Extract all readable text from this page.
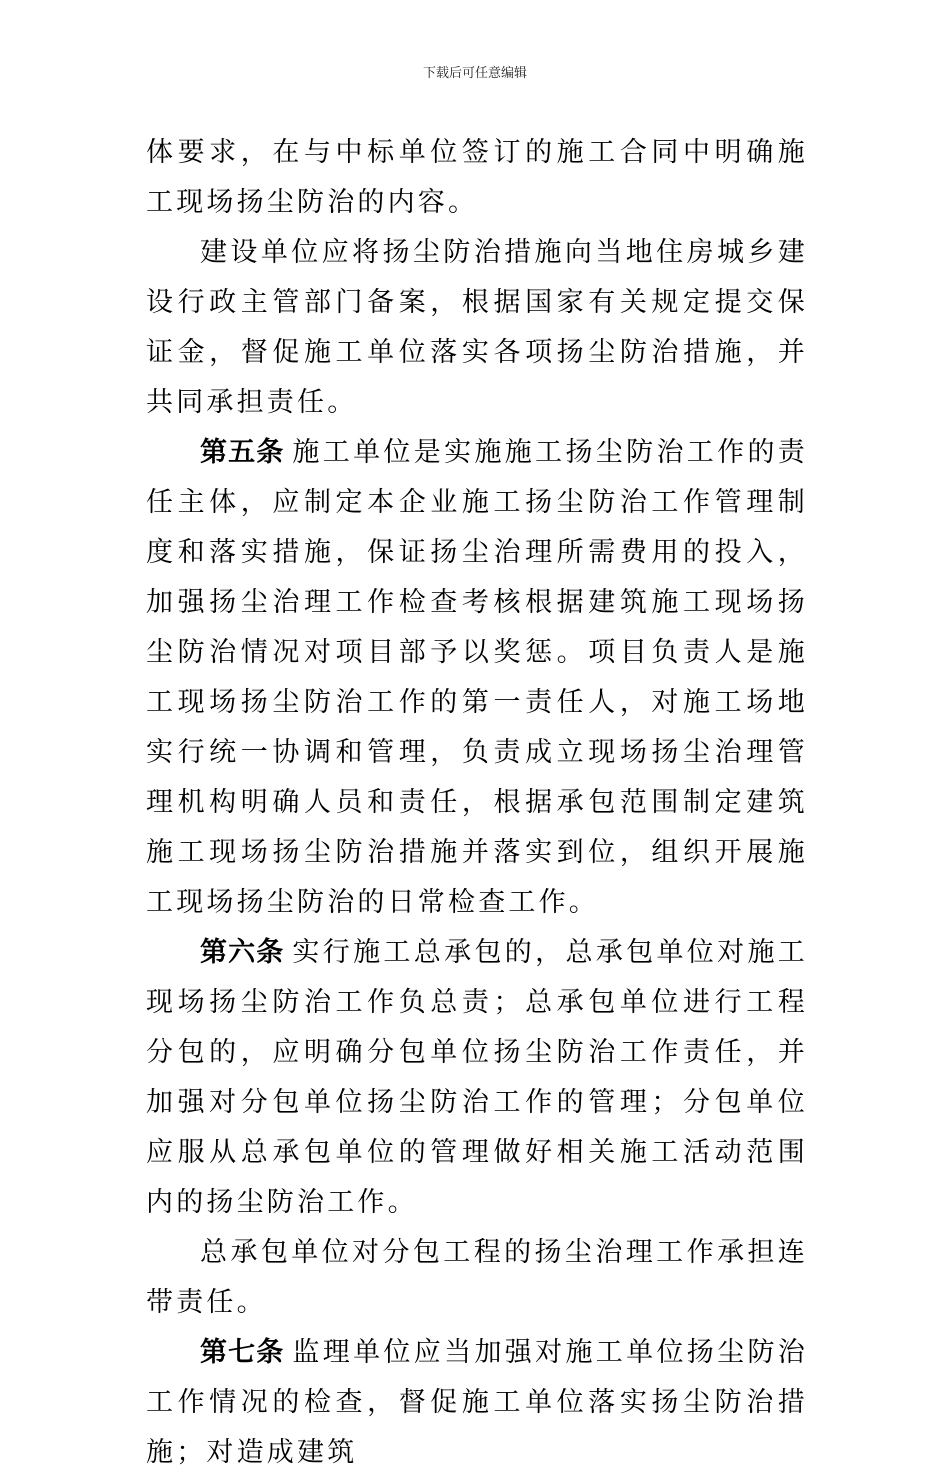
下载后可任意编辑

体要求，在与中标单位签订的施工合同中明确施工现场扬尘防治的内容。

建设单位应将扬尘防治措施向当地住房城乡建设行政主管部门备案，根据国家有关规定提交保证金，督促施工单位落实各项扬尘防治措施，并共同承担责任。

第五条 施工单位是实施施工扬尘防治工作的责任主体，应制定本企业施工扬尘防治工作管理制度和落实措施，保证扬尘治理所需费用的投入，加强扬尘治理工作检查考核根据建筑施工现场扬尘防治情况对项目部予以奖惩。项目负责人是施工现场扬尘防治工作的第一责任人，对施工场地实行统一协调和管理，负责成立现场扬尘治理管理机构明确人员和责任，根据承包范围制定建筑施工现场扬尘防治措施并落实到位，组织开展施工现场扬尘防治的日常检查工作。

第六条 实行施工总承包的，总承包单位对施工现场扬尘防治工作负总责；总承包单位进行工程分包的，应明确分包单位扬尘防治工作责任，并加强对分包单位扬尘防治工作的管理；分包单位应服从总承包单位的管理做好相关施工活动范围内的扬尘防治工作。

总承包单位对分包工程的扬尘治理工作承担连带责任。

第七条 监理单位应当加强对施工单位扬尘防治工作情况的检查，督促施工单位落实扬尘防治措施；对造成建筑
